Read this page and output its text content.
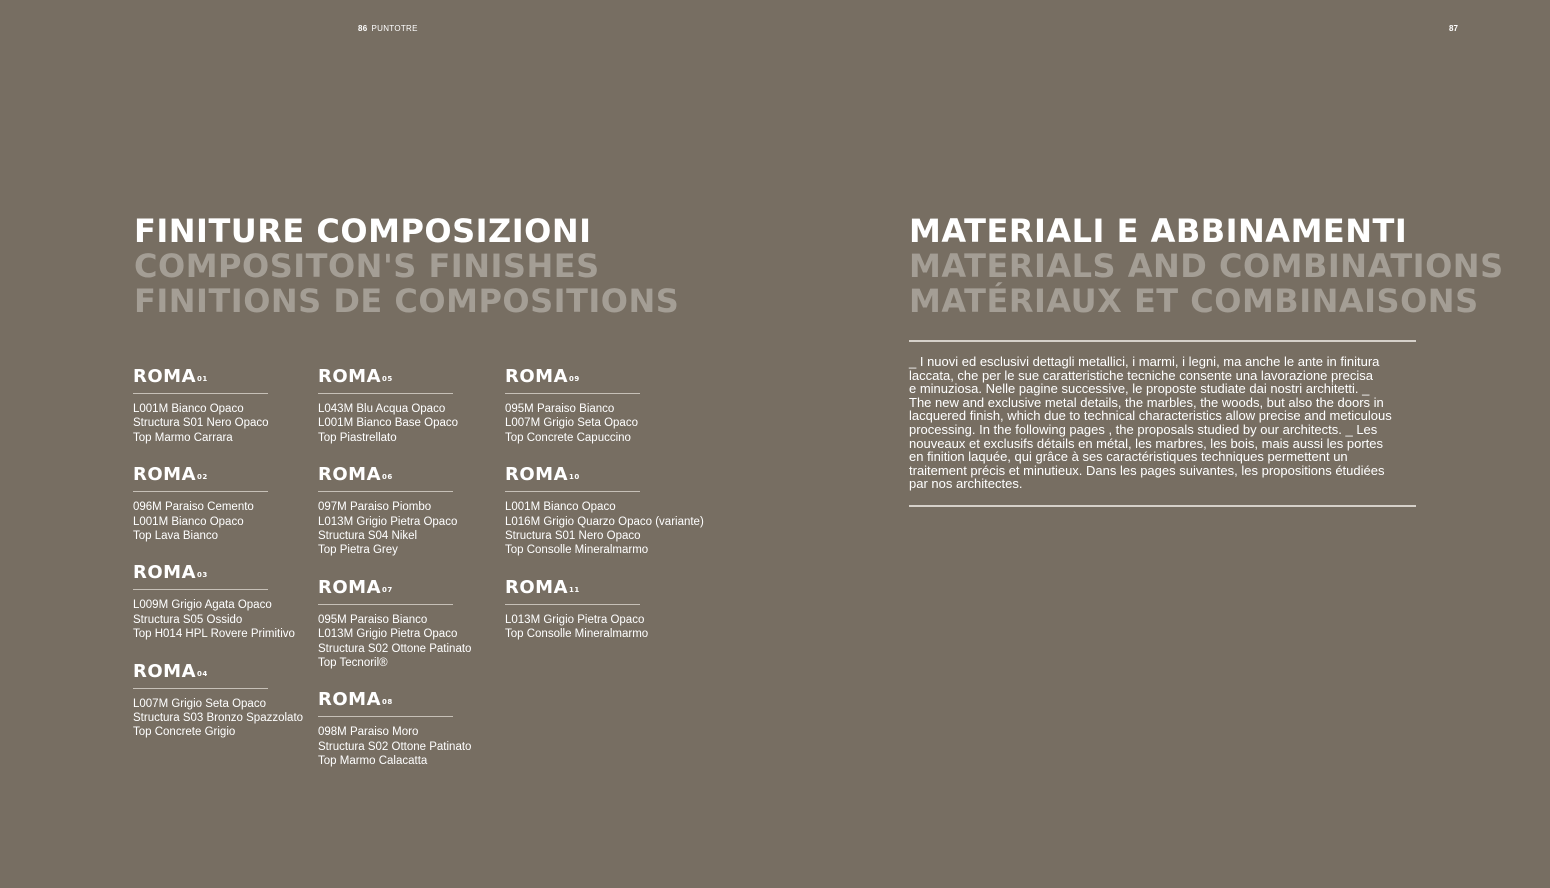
86 PUNTOTRE	87
FINITURE COMPOSIZIONI
COMPOSITON'S FINISHES
FINITIONS DE COMPOSITIONS
MATERIALI E ABBINAMENTI
MATERIALS AND COMBINATIONS
MATÉRIAUX ET COMBINAISONS
ROMA$^{01}$
L001M Bianco Opaco
Structura S01 Nero Opaco
Top Marmo Carrara
ROMA$^{02}$
096M Paraiso Cemento
L001M Bianco Opaco
Top Lava Bianco
ROMA$^{03}$
L009M Grigio Agata Opaco
Structura S05 Ossido
Top H014 HPL Rovere Primitivo
ROMA$^{04}$
L007M Grigio Seta Opaco
Structura S03 Bronzo Spazzolato
Top Concrete Grigio
ROMA$^{05}$
L043M Blu Acqua Opaco
L001M Bianco Base Opaco
Top Piastrellato
ROMA$^{06}$
097M Paraiso Piombo
L013M Grigio Pietra Opaco
Structura S04 Nikel
Top Pietra Grey
ROMA$^{07}$
095M Paraiso Bianco
L013M Grigio Pietra Opaco
Structura S02 Ottone Patinato
Top Tecnoril®
ROMA$^{08}$
098M Paraiso Moro
Structura S02 Ottone Patinato
Top Marmo Calacatta
ROMA$^{09}$
095M Paraiso Bianco
L007M Grigio Seta Opaco
Top Concrete Capuccino
ROMA$^{10}$
L001M Bianco Opaco
L016M Grigio Quarzo Opaco (variante)
Structura S01 Nero Opaco
Top Consolle Mineralmarmo
ROMA$^{11}$
L013M Grigio Pietra Opaco
Top Consolle Mineralmarmo
_ I nuovi ed esclusivi dettagli metallici, i marmi, i legni, ma anche le ante in finitura
laccata, che per le sue caratteristiche tecniche consente una lavorazione precisa
e minuziosa. Nelle pagine successive, le proposte studiate dai nostri architetti. _
The new and exclusive metal details, the marbles, the woods, but also the doors in
lacquered finish, which due to technical characteristics allow precise and meticulous
processing. In the following pages , the proposals studied by our architects. _ Les
nouveaux et exclusifs détails en métal, les marbres, les bois, mais aussi les portes
en finition laquée, qui grâce à ses caractéristiques techniques permettent un
traitement précis et minutieux. Dans les pages suivantes, les propositions étudiées
par nos architectes.
